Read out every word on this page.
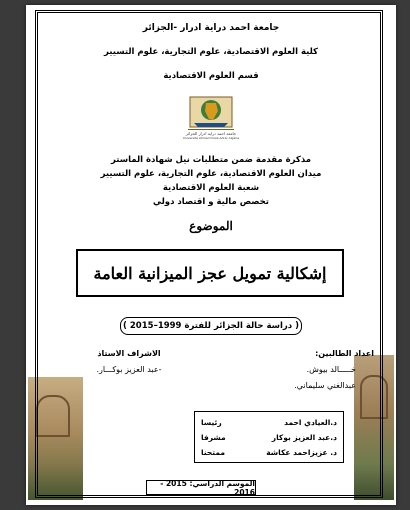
جامعة احمد دراية ادرار -الجزائر
كلية العلوم الاقتصادية، علوم التجارية، علوم التسيير
قسم العلوم الاقتصادية
جامعة احمد دراية ادرار الجزائر
Université Ahmed Draïa Adrar Algérie
مذكرة مقدمة ضمن متطلبات نيل شهادة الماستر
ميدان العلوم الاقتصادية، علوم التجارية، علوم التسيير
شعبة العلوم الاقتصادية
تخصص مالية و اقتصاد دولي
الموضوع
إشكالية تمويل عجز الميزانية العامة
( دراسة حالة الجزائر للفترة 1999–2015 )
اعداد الطالبين:
خـــــالد بيوش.
عبدالغني سليماني.
الاشراف الاستاذ
-عبد العزيز بوكـــار.
د.العيادي احمد
رئيسا
د.عبد العزيز بوكار
مشرفا
د. عزيزاحمد عكاشة
ممتحنا
الموسم الدراسي: 2015 - 2016
